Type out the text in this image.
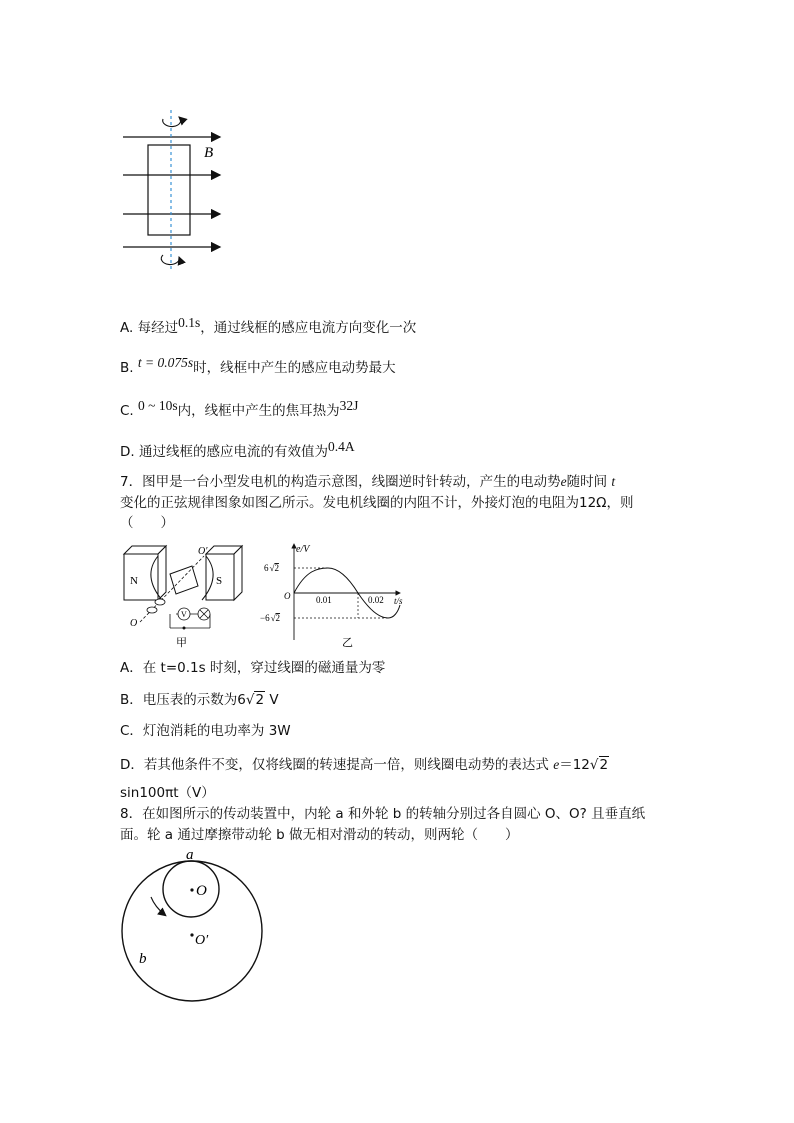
B
A. 每经过0.1s，通过线框的感应电流方向变化一次
B. t = 0.075s时，线框中产生的感应电动势最大
C. 0 ~ 10s内，线框中产生的焦耳热为32J
D. 通过线框的感应电流的有效值为0.4A
7．图甲是一台小型发电机的构造示意图，线圈逆时针转动，产生的电动势e随时间 t
变化的正弦规律图象如图乙所示。发电机线圈的内阻不计，外接灯泡的电阻为12Ω，则
（　　）
N	S
O′
O
V
甲
e/V
t/s
O
6√2
−6√2
0.01	0.02
乙
A．在 t=0.1s 时刻，穿过线圈的磁通量为零
B．电压表的示数为6√2 V
C．灯泡消耗的电功率为 3W
D．若其他条件不变，仅将线圈的转速提高一倍，则线圈电动势的表达式 e＝12√2
sin100πt（V）
8．在如图所示的传动装置中，内轮 a 和外轮 b 的转轴分别过各自圆心 O、O? 且垂直纸
面。轮 a 通过摩擦带动轮 b 做无相对滑动的转动，则两轮（　　）
a
O
O′
b
